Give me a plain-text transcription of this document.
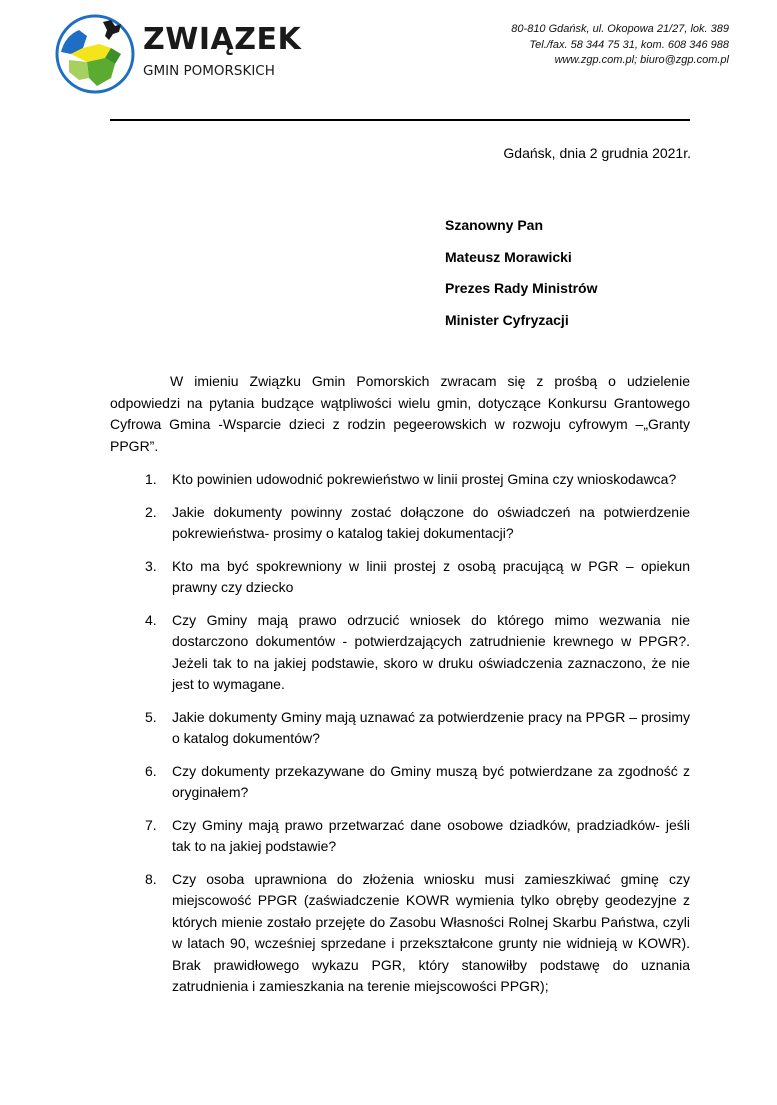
ZWIĄZEK
GMIN POMORSKICH
80-810 Gdańsk, ul. Okopowa 21/27, lok. 389
Tel./fax. 58 344 75 31, kom. 608 346 988
www.zgp.com.pl; biuro@zgp.com.pl
Gdańsk, dnia 2 grudnia 2021r.
Szanowny Pan
Mateusz Morawicki
Prezes Rady Ministrów
Minister Cyfryzacji

W imieniu Związku Gmin Pomorskich zwracam się z prośbą o udzielenie odpowiedzi na pytania budzące wątpliwości wielu gmin, dotyczące Konkursu Grantowego Cyfrowa Gmina -Wsparcie dzieci z rodzin pegeerowskich w rozwoju cyfrowym –„Granty PPGR”.

1. Kto powinien udowodnić pokrewieństwo w linii prostej Gmina czy wnioskodawca?
2. Jakie dokumenty powinny zostać dołączone do oświadczeń na potwierdzenie pokrewieństwa- prosimy o katalog takiej dokumentacji?
3. Kto ma być spokrewniony w linii prostej z osobą pracującą w PGR – opiekun prawny czy dziecko
4. Czy Gminy mają prawo odrzucić wniosek do którego mimo wezwania nie dostarczono dokumentów - potwierdzających zatrudnienie krewnego w PPGR?. Jeżeli tak to na jakiej podstawie, skoro w druku oświadczenia zaznaczono, że nie jest to wymagane.
5. Jakie dokumenty Gminy mają uznawać za potwierdzenie pracy na PPGR – prosimy o katalog dokumentów?
6. Czy dokumenty przekazywane do Gminy muszą być potwierdzane za zgodność z oryginałem?
7. Czy Gminy mają prawo przetwarzać dane osobowe dziadków, pradziadków- jeśli tak to na jakiej podstawie?
8. Czy osoba uprawniona do złożenia wniosku musi zamieszkiwać gminę czy miejscowość PPGR (zaświadczenie KOWR wymienia tylko obręby geodezyjne z których mienie zostało przejęte do Zasobu Własności Rolnej Skarbu Państwa, czyli w latach 90, wcześniej sprzedane i przekształcone grunty nie widnieją w KOWR). Brak prawidłowego wykazu PGR, który stanowiłby podstawę do uznania zatrudnienia i zamieszkania na terenie miejscowości PPGR);
